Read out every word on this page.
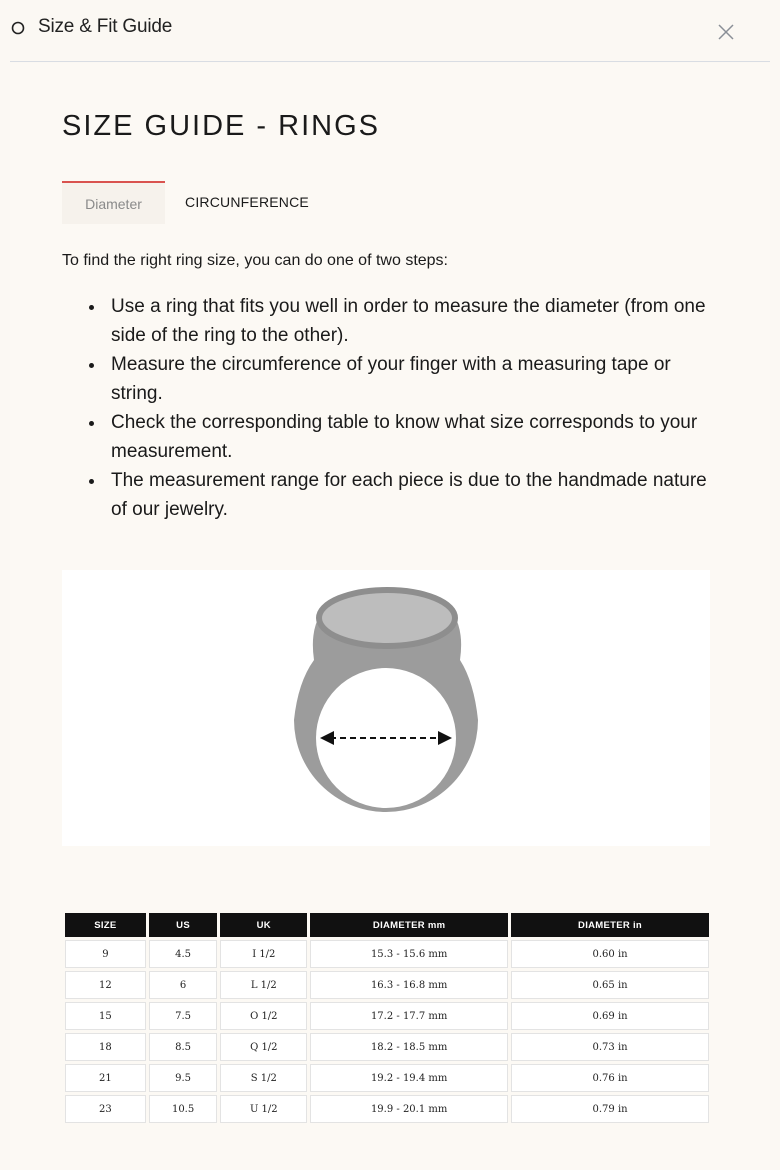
Size & Fit Guide
SIZE GUIDE - RINGS
Diameter	CIRCUNFERENCE

To find the right ring size, you can do one of two steps:

Use a ring that fits you well in order to measure the diameter (from one side of the ring to the other).
Measure the circumference of your finger with a measuring tape or string.
Check the corresponding table to know what size corresponds to your measurement.
The measurement range for each piece is due to the handmade nature of our jewelry.
SIZE	US	UK	DIAMETER mm	DIAMETER in
9	4.5	I 1/2	15.3 - 15.6 mm	0.60 in
12	6	L 1/2	16.3 - 16.8 mm	0.65 in
15	7.5	O 1/2	17.2 - 17.7 mm	0.69 in
18	8.5	Q 1/2	18.2 - 18.5 mm	0.73 in
21	9.5	S 1/2	19.2 - 19.4 mm	0.76 in
23	10.5	U 1/2	19.9 - 20.1 mm	0.79 in
